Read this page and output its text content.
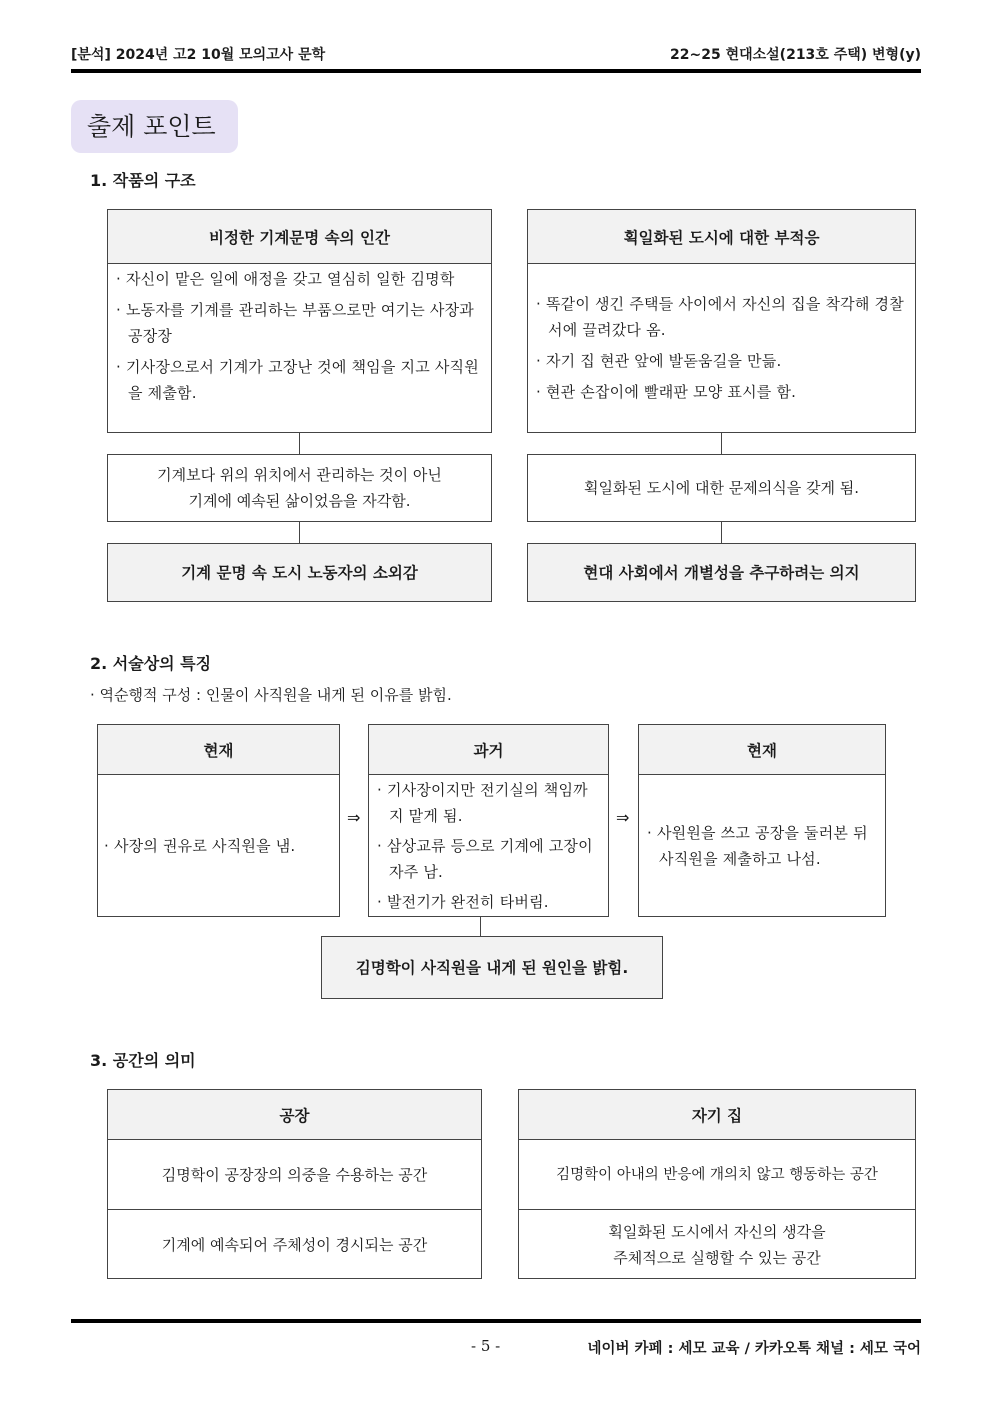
[분석] 2024년 고2 10월 모의고사 문학	22~25 현대소설(213호 주택) 변형(y)
출제 포인트
1. 작품의 구조
비정한 기계문명 속의 인간

· 자신이 맡은 일에 애정을 갖고 열심히 일한 김명학

· 노동자를 기계를 관리하는 부품으로만 여기는 사장과 공장장

· 기사장으로서 기계가 고장난 것에 책임을 지고 사직원을 제출함.

기계보다 위의 위치에서 관리하는 것이 아닌
기계에 예속된 삶이었음을 자각함.
기계 문명 속 도시 노동자의 소외감
획일화된 도시에 대한 부적응

· 똑같이 생긴 주택들 사이에서 자신의 집을 착각해 경찰서에 끌려갔다 옴.

· 자기 집 현관 앞에 발돋움길을 만듦.

· 현관 손잡이에 빨래판 모양 표시를 함.

획일화된 도시에 대한 문제의식을 갖게 됨.
현대 사회에서 개별성을 추구하려는 의지
2. 서술상의 특징
· 역순행적 구성 : 인물이 사직원을 내게 된 이유를 밝힘.
현재

· 사장의 권유로 사직원을 냄.

⇒
과거

· 기사장이지만 전기실의 책임까지 맡게 됨.

· 삼상교류 등으로 기계에 고장이 자주 남.

· 발전기가 완전히 타버림.

⇒
현재

· 사원원을 쓰고 공장을 둘러본 뒤 사직원을 제출하고 나섬.

김명학이 사직원을 내게 된 원인을 밝힘.
3. 공간의 의미
공장
김명학이 공장장의 의중을 수용하는 공간
기계에 예속되어 주체성이 경시되는 공간
자기 집
김명학이 아내의 반응에 개의치 않고 행동하는 공간
획일화된 도시에서 자신의 생각을
주체적으로 실행할 수 있는 공간
- 5 -	네이버 카페 : 세모 교육 / 카카오톡 채널 : 세모 국어
